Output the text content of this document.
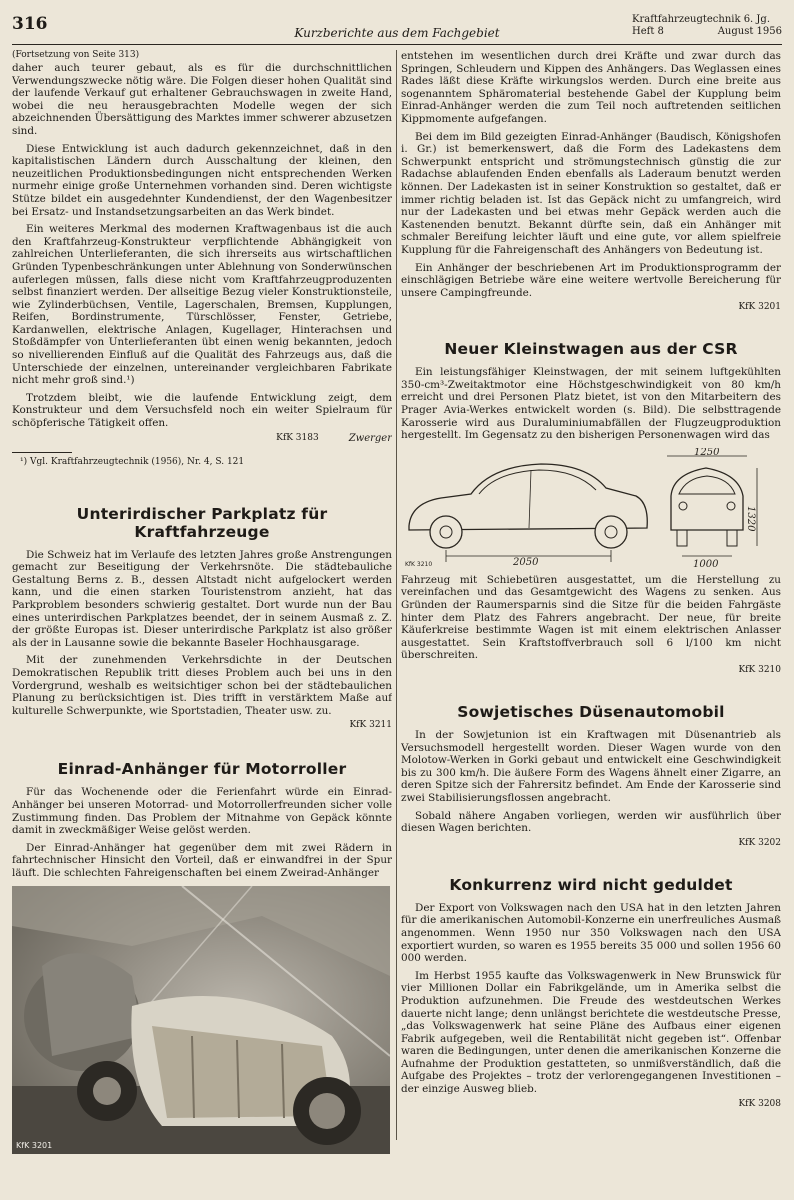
316	Kurzberichte aus dem Fachgebiet
Kraftfahrzeugtechnik 6. Jg.
Heft 8	August 1956
(Fortsetzung von Seite 313)

daher auch teurer gebaut, als es für die durchschnittlichen Verwendungszwecke nötig wäre. Die Folgen dieser hohen Qualität sind der laufende Verkauf gut erhaltener Gebrauchswagen in zweite Hand, wobei die neu herausgebrachten Modelle wegen der sich abzeichnenden Übersättigung des Marktes immer schwerer abzusetzen sind.

Diese Entwicklung ist auch dadurch gekennzeichnet, daß in den kapitalistischen Ländern durch Ausschaltung der kleinen, den neuzeitlichen Produktionsbedingungen nicht entsprechenden Werken nurmehr einige große Unternehmen vorhanden sind. Deren wichtigste Stütze bildet ein ausgedehnter Kundendienst, der den Wagenbesitzer bei Ersatz- und Instandsetzungsarbeiten an das Werk bindet.

Ein weiteres Merkmal des modernen Kraftwagenbaus ist die auch den Kraftfahrzeug-Konstrukteur verpflichtende Abhängigkeit von zahlreichen Unterlieferanten, die sich ihrerseits aus wirtschaftlichen Gründen Typenbeschränkungen unter Ablehnung von Sonderwünschen auferlegen müssen, falls diese nicht vom Kraftfahrzeugproduzenten selbst finanziert werden. Der allseitige Bezug vieler Konstruktionsteile, wie Zylinderbüchsen, Ventile, Lagerschalen, Bremsen, Kupplungen, Reifen, Bordinstrumente, Türschlösser, Fenster, Getriebe, Kardanwellen, elektrische Anlagen, Kugellager, Hinterachsen und Stoßdämpfer von Unterlieferanten übt einen wenig bekannten, jedoch so nivellierenden Einfluß auf die Qualität des Fahrzeugs aus, daß die Unterschiede der einzelnen, untereinander vergleichbaren Fabrikate nicht mehr groß sind.¹)

Trotzdem bleibt, wie die laufende Entwicklung zeigt, dem Konstrukteur und dem Versuchsfeld noch ein weiter Spielraum für schöpferische Tätigkeit offen.

KfK 3183	Zwerger
¹) Vgl. Kraftfahrzeugtechnik (1956), Nr. 4, S. 121
Unterirdischer Parkplatz für Kraftfahrzeuge

Die Schweiz hat im Verlaufe des letzten Jahres große Anstrengungen gemacht zur Beseitigung der Verkehrsnöte. Die städtebauliche Gestaltung Berns z. B., dessen Altstadt nicht aufgelockert werden kann, und die einen starken Touristenstrom anzieht, hat das Parkproblem besonders schwierig gestaltet. Dort wurde nun der Bau eines unterirdischen Parkplatzes beendet, der in seinem Ausmaß z. Z. der größte Europas ist. Dieser unterirdische Parkplatz ist also größer als der in Lausanne sowie die bekannte Baseler Hochhausgarage.

Mit der zunehmenden Verkehrsdichte in der Deutschen Demokratischen Republik tritt dieses Problem auch bei uns in den Vordergrund, weshalb es weitsichtiger schon bei der städtebaulichen Planung zu berücksichtigen ist. Dies trifft in verstärktem Maße auf kulturelle Schwerpunkte, wie Sportstadien, Theater usw. zu.

KfK 3211
Einrad-Anhänger für Motorroller

Für das Wochenende oder die Ferienfahrt würde ein Einrad-Anhänger bei unseren Motorrad- und Motorrollerfreunden sicher volle Zustimmung finden. Das Problem der Mitnahme von Gepäck könnte damit in zweckmäßiger Weise gelöst werden.

Der Einrad-Anhänger hat gegenüber dem mit zwei Rädern in fahrtechnischer Hinsicht den Vorteil, daß er einwandfrei in der Spur läuft. Die schlechten Fahreigenschaften bei einem Zweirad-Anhänger

KfK 3201

entstehen im wesentlichen durch drei Kräfte und zwar durch das Springen, Schleudern und Kippen des Anhängers. Das Weglassen eines Rades läßt diese Kräfte wirkungslos werden. Durch eine breite aus sogenanntem Sphäromaterial bestehende Gabel der Kupplung beim Einrad-Anhänger werden die zum Teil noch auftretenden seitlichen Kippmomente aufgefangen.

Bei dem im Bild gezeigten Einrad-Anhänger (Baudisch, Königshofen i. Gr.) ist bemerkenswert, daß die Form des Ladekastens dem Schwerpunkt entspricht und strömungstechnisch günstig die zur Radachse ablaufenden Enden ebenfalls als Laderaum benutzt werden können. Der Ladekasten ist in seiner Konstruktion so gestaltet, daß er immer richtig beladen ist. Ist das Gepäck nicht zu umfangreich, wird nur der Ladekasten und bei etwas mehr Gepäck werden auch die Kastenenden benutzt. Bekannt dürfte sein, daß ein Anhänger mit schmaler Bereifung leichter läuft und eine gute, vor allem spielfreie Kupplung für die Fahreigenschaft des Anhängers von Bedeutung ist.

Ein Anhänger der beschriebenen Art im Produktionsprogramm der einschlägigen Betriebe wäre eine weitere wertvolle Bereicherung für unsere Campingfreunde.

KfK 3201
Neuer Kleinstwagen aus der CSR

Ein leistungsfähiger Kleinstwagen, der mit seinem luftgekühlten 350-cm³-Zweitaktmotor eine Höchstgeschwindigkeit von 80 km/h erreicht und drei Personen Platz bietet, ist von den Mitarbeitern des Prager Avia-Werkes entwickelt worden (s. Bild). Die selbsttragende Karosserie wird aus Duraluminiumabfällen der Flugzeugproduktion hergestellt. Im Gegensatz zu den bisherigen Personenwagen wird das

2050
KfK 3210
1250
1320
1000

Fahrzeug mit Schiebetüren ausgestattet, um die Herstellung zu vereinfachen und das Gesamtgewicht des Wagens zu senken. Aus Gründen der Raumersparnis sind die Sitze für die beiden Fahrgäste hinter dem Platz des Fahrers angebracht. Der neue, für breite Käuferkreise bestimmte Wagen ist mit einem elektrischen Anlasser ausgestattet. Sein Kraftstoffverbrauch soll 6 l/100 km nicht überschreiten.

KfK 3210
Sowjetisches Düsenautomobil

In der Sowjetunion ist ein Kraftwagen mit Düsenantrieb als Versuchsmodell hergestellt worden. Dieser Wagen wurde von den Molotow-Werken in Gorki gebaut und entwickelt eine Geschwindigkeit bis zu 300 km/h. Die äußere Form des Wagens ähnelt einer Zigarre, an deren Spitze sich der Fahrersitz befindet. Am Ende der Karosserie sind zwei Stabilisierungsflossen angebracht.

Sobald nähere Angaben vorliegen, werden wir ausführlich über diesen Wagen berichten.

KfK 3202
Konkurrenz wird nicht geduldet

Der Export von Volkswagen nach den USA hat in den letzten Jahren für die amerikanischen Automobil-Konzerne ein unerfreuliches Ausmaß angenommen. Wenn 1950 nur 350 Volkswagen nach den USA exportiert wurden, so waren es 1955 bereits 35 000 und sollen 1956 60 000 werden.

Im Herbst 1955 kaufte das Volkswagenwerk in New Brunswick für vier Millionen Dollar ein Fabrikgelände, um in Amerika selbst die Produktion aufzunehmen. Die Freude des westdeutschen Werkes dauerte nicht lange; denn unlängst berichtete die westdeutsche Presse, „das Volkswagenwerk hat seine Pläne des Aufbaus einer eigenen Fabrik aufgegeben, weil die Rentabilität nicht gegeben ist“. Offenbar waren die Bedingungen, unter denen die amerikanischen Konzerne die Aufnahme der Produktion gestatteten, so unmißverständlich, daß die Aufgabe des Projektes – trotz der verlorengegangenen Investitionen – der einzige Ausweg blieb.

KfK 3208
